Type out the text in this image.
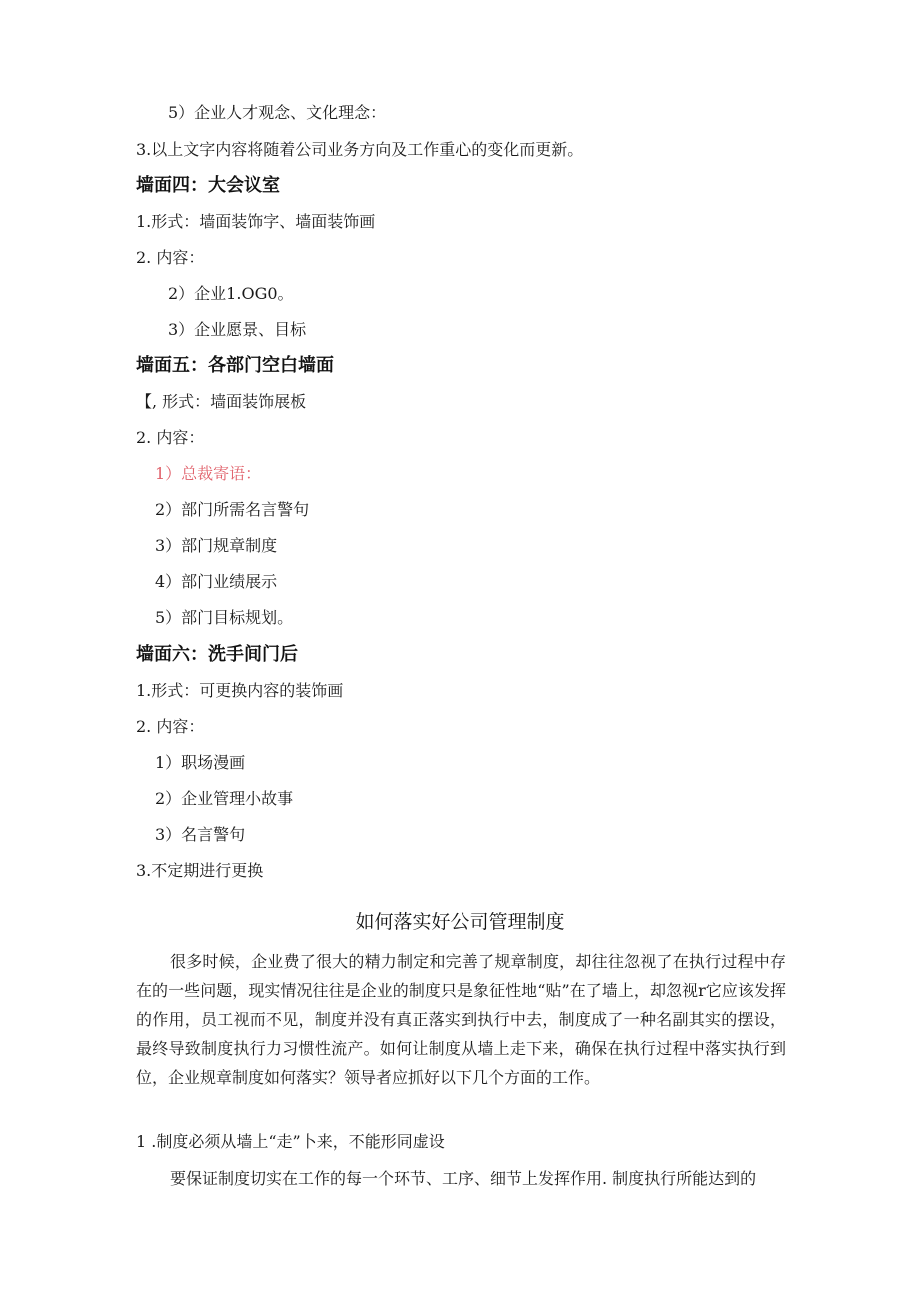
5）企业人才观念、文化理念：
3.以上文字内容将随着公司业务方向及工作重心的变化而更新。
墙面四：大会议室
1.形式：墙面装饰字、墙面装饰画
2. 内容：
2）企业1.OG0。
3）企业愿景、目标
墙面五：各部门空白墙面
【, 形式：墙面装饰展板
2. 内容：
1）总裁寄语：
2）部门所需名言警句
3）部门规章制度
4）部门业绩展示
5）部门目标规划。
墙面六：洗手间门后
1.形式：可更换内容的装饰画
2. 内容：
1）职场漫画
2）企业管理小故事
3）名言警句
3.不定期进行更换
如何落实好公司管理制度
很多时候，企业费了很大的精力制定和完善了规章制度，却往往忽视了在执行过程中存在的一些问题，现实情况往往是企业的制度只是象征性地“贴”在了墙上，却忽视r它应该发挥的作用，员工视而不见，制度并没有真正落实到执行中去，制度成了一种名副其实的摆设，最终导致制度执行力习惯性流产。如何让制度从墙上走下来，确保在执行过程中落实执行到位，企业规章制度如何落实？领导者应抓好以下几个方面的工作。
1 .制度必须从墙上“走”卜来，不能形同虚设
要保证制度切实在工作的每一个环节、工序、细节上发挥作用. 制度执行所能达到的
